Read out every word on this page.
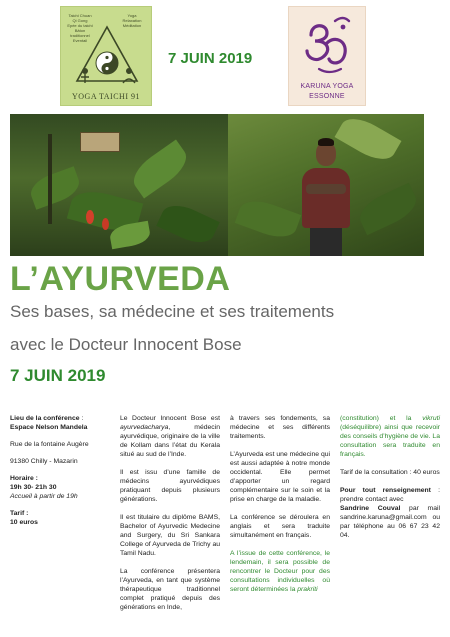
Taichi Chuan
Qi Gong
Epée du taichi
Bâton traditionnel
Eventail
Yoga
Relaxation
Méditation
YOGA TAICHI 91
7 JUIN 2019
KARUNA YOGA
ESSONNE
L’AYURVEDA
Ses bases, sa médecine et ses traitements
avec le Docteur Innocent Bose
7 JUIN 2019

Lieu de la conférence :
Espace Nelson Mandela

Rue de la fontaine Augère

91380 Chilly - Mazarin

Horaire :
19h 30- 21h 30
Accueil à partir de 19h

Tarif :
10 euros

Le Docteur Innocent Bose est ayurvedacharya, médecin ayurvédique, originaire de la ville de Kollam dans l’état du Kerala situé au sud de l’Inde.

Il est issu d’une famille de médecins ayurvédiques pratiquant depuis plusieurs générations.

Il est titulaire du diplôme BAMS, Bachelor of Ayurvedic Medecine and Surgery, du Sri Sankara College of Ayurveda de Trichy au Tamil Nadu.

La conférence présentera l’Ayurveda, en tant que système thérapeutique traditionnel complet pratiqué depuis des générations en Inde,

à travers ses fondements, sa médecine et ses différents traitements.

L’Ayurveda est une médecine qui est aussi adaptée à notre monde occidental. Elle permet d’apporter un regard complémentaire sur le soin et la prise en charge de la maladie.

La conférence se déroulera en anglais et sera traduite simultanément en français.

A l’issue de cette conférence, le lendemain, il sera possible de rencontrer le Docteur pour des consultations individuelles où seront déterminées la prakriti

(constitution) et la vikruti (déséquilibre) ainsi que recevoir des conseils d’hygiène de vie. La consultation sera traduite en français.

Tarif de la consultation : 40 euros

Pour tout renseignement : prendre contact avec
Sandrine Couval par mail sandrine.karuna@gmail.com ou par téléphone au 06 67 23 42 04.
